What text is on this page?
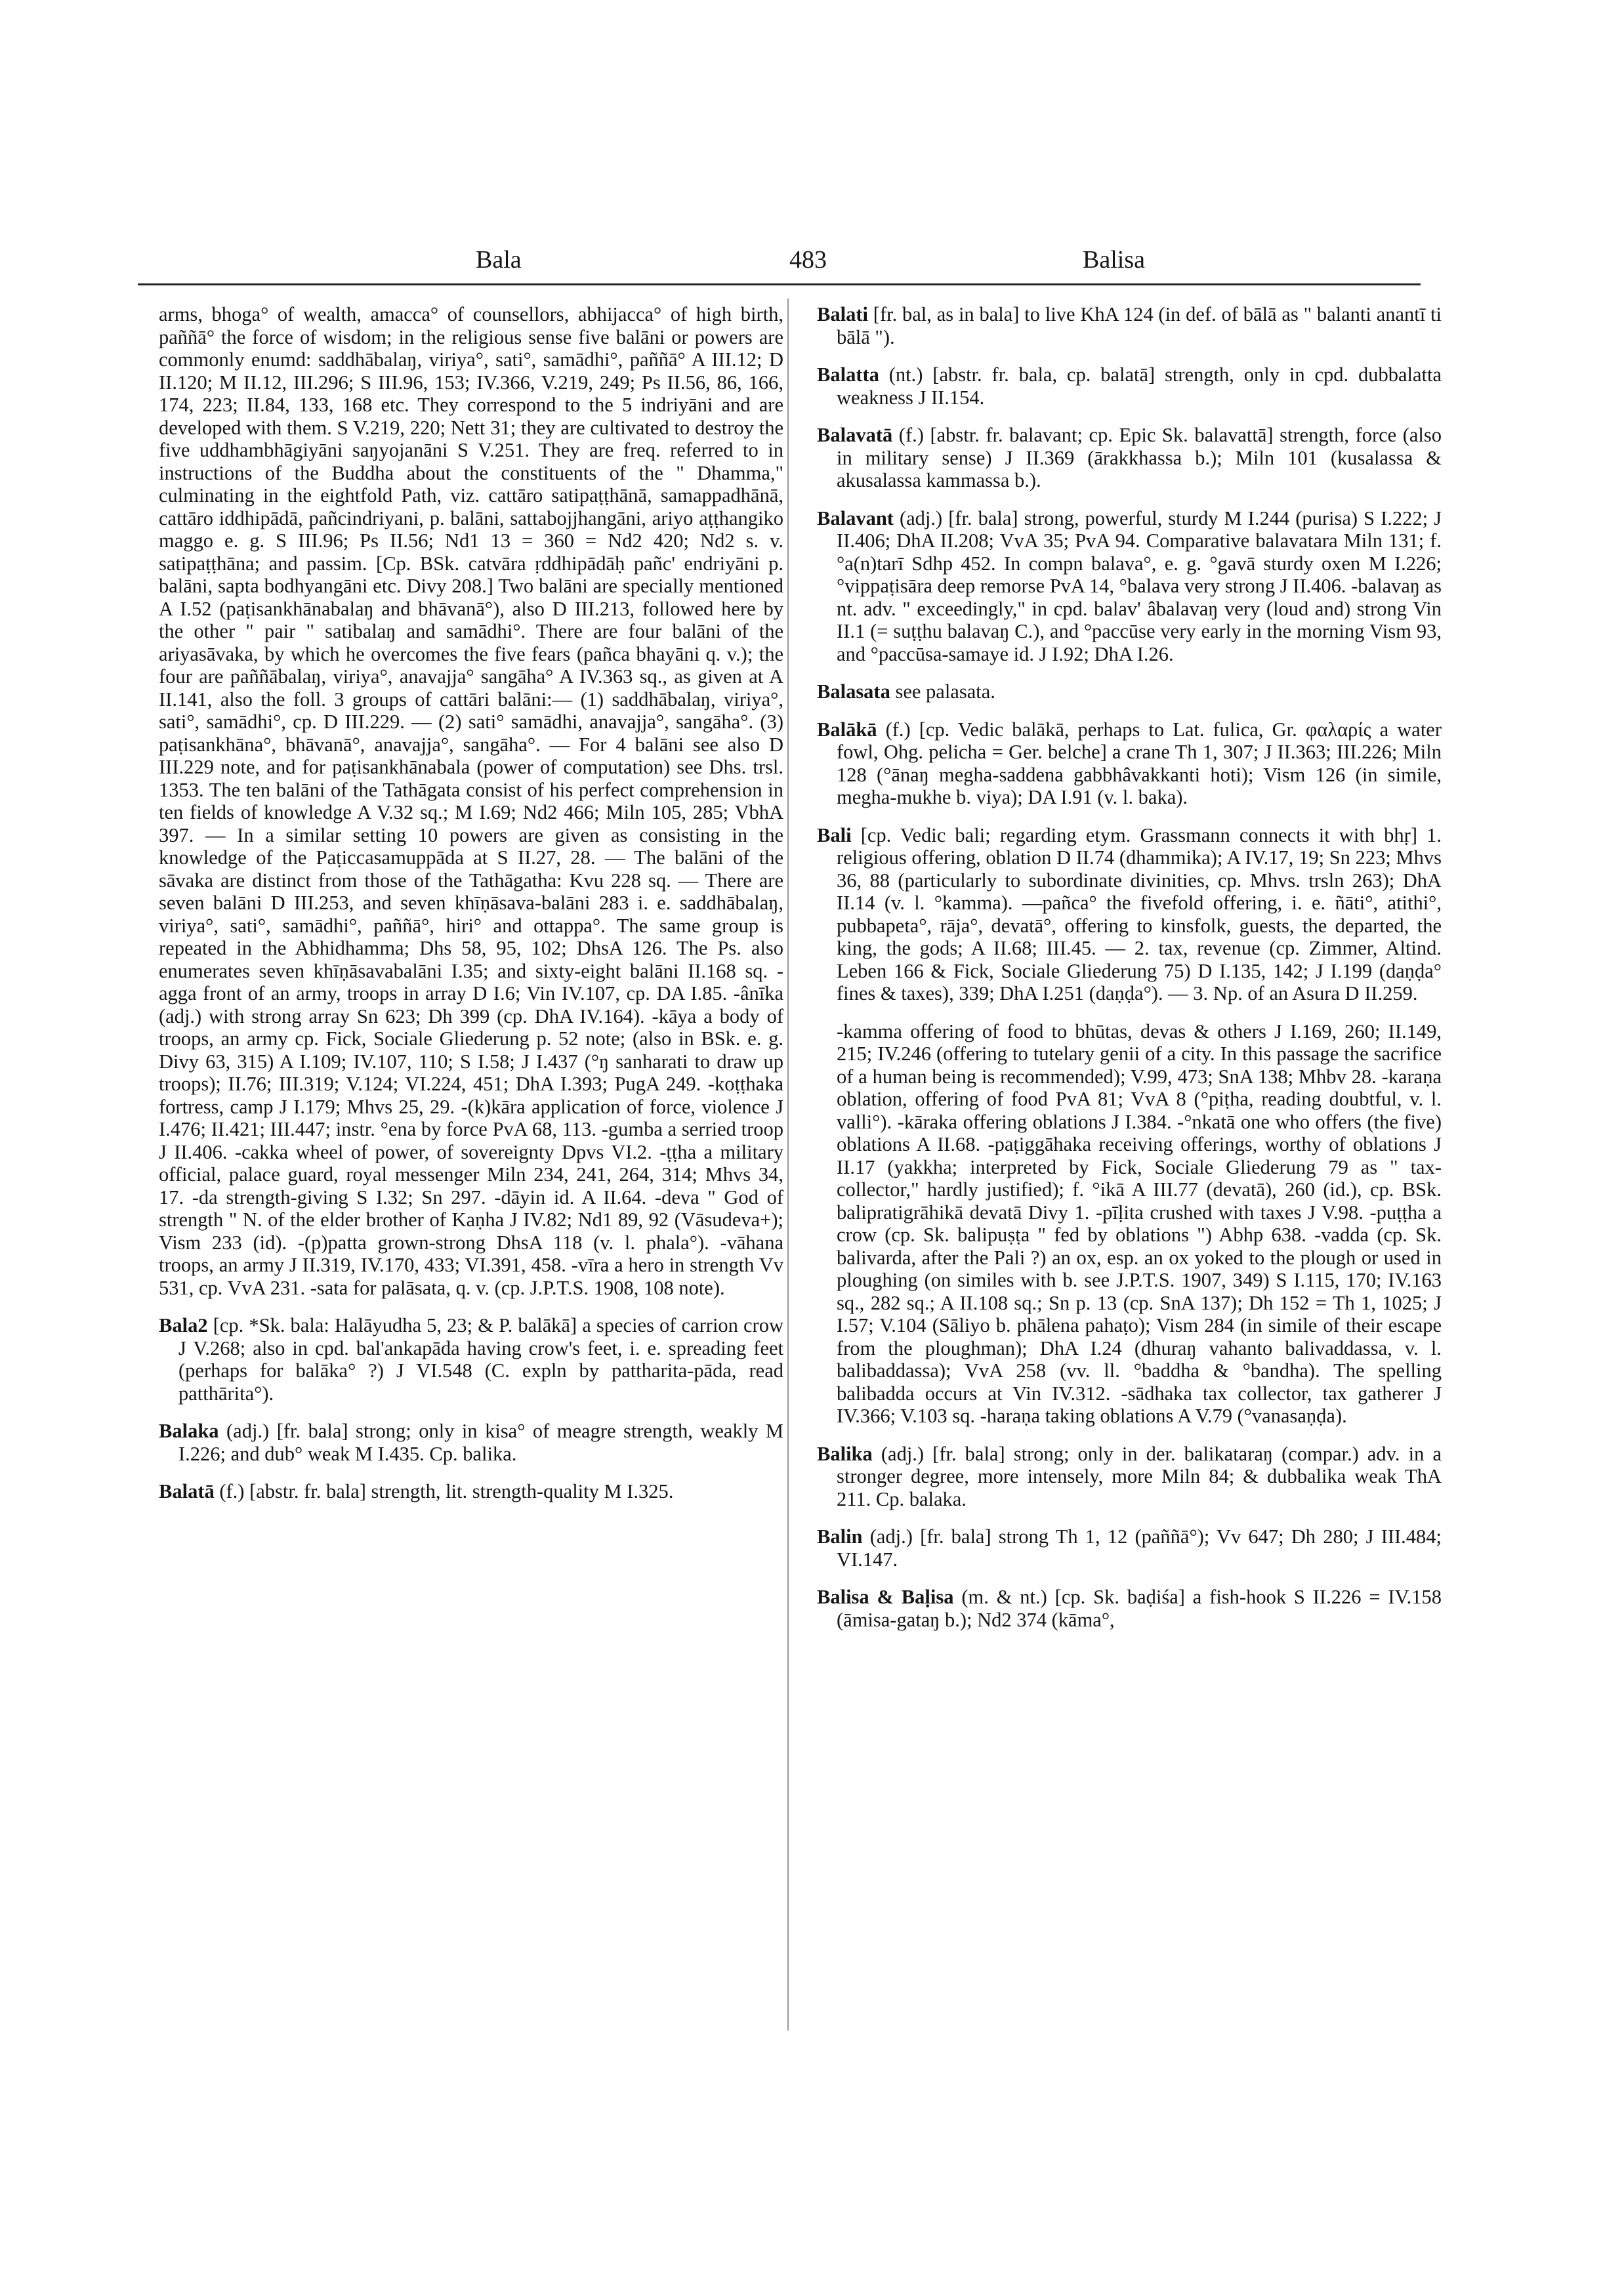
Bala	483	Balisa

arms, bhoga° of wealth, amacca° of counsellors, abhijacca° of high birth, paññā° the force of wisdom; in the religious sense five balāni or powers are commonly enumd: saddhābalaŋ, viriya°, sati°, samādhi°, paññā° A III.12; D II.120; M II.12, III.296; S III.96, 153; IV.366, V.219, 249; Ps II.56, 86, 166, 174, 223; II.84, 133, 168 etc. They correspond to the 5 indriyāni and are developed with them. S V.219, 220; Nett 31; they are cultivated to destroy the five uddhambhāgiyāni saŋyojanāni S V.251. They are freq. referred to in instructions of the Buddha about the constituents of the " Dhamma," culminating in the eightfold Path, viz. cattāro satipaṭṭhānā, samappadhānā, cattāro iddhipādā, pañcindriyani, p. balāni, sattabojjhangāni, ariyo aṭṭhangiko maggo e. g. S III.96; Ps II.56; Nd1 13 = 360 = Nd2 420; Nd2 s. v. satipaṭṭhāna; and passim. [Cp. BSk. catvāra ṛddhipādāḥ pañc' endriyāni p. balāni, sapta bodhyangāni etc. Divy 208.] Two balāni are specially mentioned A I.52 (paṭisankhānabalaŋ and bhāvanā°), also D III.213, followed here by the other " pair " satibalaŋ and samādhi°. There are four balāni of the ariyasāvaka, by which he overcomes the five fears (pañca bhayāni q. v.); the four are paññābalaŋ, viriya°, anavajja° sangāha° A IV.363 sq., as given at A II.141, also the foll. 3 groups of cattāri balāni:— (1) saddhābalaŋ, viriya°, sati°, samādhi°, cp. D III.229. — (2) sati° samādhi, anavajja°, sangāha°. (3) paṭisankhāna°, bhāvanā°, anavajja°, sangāha°. — For 4 balāni see also D III.229 note, and for paṭisankhānabala (power of computation) see Dhs. trsl. 1353. The ten balāni of the Tathāgata consist of his perfect comprehension in ten fields of knowledge A V.32 sq.; M I.69; Nd2 466; Miln 105, 285; VbhA 397. — In a similar setting 10 powers are given as consisting in the knowledge of the Paṭiccasamuppāda at S II.27, 28. — The balāni of the sāvaka are distinct from those of the Tathāgatha: Kvu 228 sq. — There are seven balāni D III.253, and seven khīṇāsava-balāni 283 i. e. saddhābalaŋ, viriya°, sati°, samādhi°, paññā°, hiri° and ottappa°. The same group is repeated in the Abhidhamma; Dhs 58, 95, 102; DhsA 126. The Ps. also enumerates seven khīṇāsavabalāni I.35; and sixty-eight balāni II.168 sq. -agga front of an army, troops in array D I.6; Vin IV.107, cp. DA I.85. -ânīka (adj.) with strong array Sn 623; Dh 399 (cp. DhA IV.164). -kāya a body of troops, an army cp. Fick, Sociale Gliederung p. 52 note; (also in BSk. e. g. Divy 63, 315) A I.109; IV.107, 110; S I.58; J I.437 (°ŋ sanharati to draw up troops); II.76; III.319; V.124; VI.224, 451; DhA I.393; PugA 249. -koṭṭhaka fortress, camp J I.179; Mhvs 25, 29. -(k)kāra application of force, violence J I.476; II.421; III.447; instr. °ena by force PvA 68, 113. -gumba a serried troop J II.406. -cakka wheel of power, of sovereignty Dpvs VI.2. -ṭṭha a military official, palace guard, royal messenger Miln 234, 241, 264, 314; Mhvs 34, 17. -da strength-giving S I.32; Sn 297. -dāyin id. A II.64. -deva " God of strength " N. of the elder brother of Kaṇha J IV.82; Nd1 89, 92 (Vāsudeva+); Vism 233 (id). -(p)patta grown-strong DhsA 118 (v. l. phala°). -vāhana troops, an army J II.319, IV.170, 433; VI.391, 458. -vīra a hero in strength Vv 531, cp. VvA 231. -sata for palāsata, q. v. (cp. J.P.T.S. 1908, 108 note).

Bala2 [cp. *Sk. bala: Halāyudha 5, 23; & P. balākā] a species of carrion crow J V.268; also in cpd. bal'ankapāda having crow's feet, i. e. spreading feet (perhaps for balāka° ?) J VI.548 (C. expln by pattharita-pāda, read patthārita°).

Balaka (adj.) [fr. bala] strong; only in kisa° of meagre strength, weakly M I.226; and dub° weak M I.435. Cp. balika.

Balatā (f.) [abstr. fr. bala] strength, lit. strength-quality M I.325.

Balati [fr. bal, as in bala] to live KhA 124 (in def. of bālā as " balanti anantī ti bālā ").

Balatta (nt.) [abstr. fr. bala, cp. balatā] strength, only in cpd. dubbalatta weakness J II.154.

Balavatā (f.) [abstr. fr. balavant; cp. Epic Sk. balavattā] strength, force (also in military sense) J II.369 (ārakkhassa b.); Miln 101 (kusalassa & akusalassa kammassa b.).

Balavant (adj.) [fr. bala] strong, powerful, sturdy M I.244 (purisa) S I.222; J II.406; DhA II.208; VvA 35; PvA 94. Comparative balavatara Miln 131; f. °a(n)tarī Sdhp 452. In compn balava°, e. g. °gavā sturdy oxen M I.226; °vippaṭisāra deep remorse PvA 14, °balava very strong J II.406. -balavaŋ as nt. adv. " exceedingly," in cpd. balav' âbalavaŋ very (loud and) strong Vin II.1 (= suṭṭhu balavaŋ C.), and °paccūse very early in the morning Vism 93, and °paccūsa-samaye id. J I.92; DhA I.26.

Balasata see palasata.

Balākā (f.) [cp. Vedic balākā, perhaps to Lat. fulica, Gr. φαλαρίς a water fowl, Ohg. pelicha = Ger. belche] a crane Th 1, 307; J II.363; III.226; Miln 128 (°ānaŋ megha-saddena gabbhâvakkanti hoti); Vism 126 (in simile, megha-mukhe b. viya); DA I.91 (v. l. baka).

Bali [cp. Vedic bali; regarding etym. Grassmann connects it with bhṛ] 1. religious offering, oblation D II.74 (dhammika); A IV.17, 19; Sn 223; Mhvs 36, 88 (particularly to subordinate divinities, cp. Mhvs. trsln 263); DhA II.14 (v. l. °kamma). —pañca° the fivefold offering, i. e. ñāti°, atithi°, pubbapeta°, rāja°, devatā°, offering to kinsfolk, guests, the departed, the king, the gods; A II.68; III.45. — 2. tax, revenue (cp. Zimmer, Altind. Leben 166 & Fick, Sociale Gliederung 75) D I.135, 142; J I.199 (daṇḍa° fines & taxes), 339; DhA I.251 (daṇḍa°). — 3. Np. of an Asura D II.259.

-kamma offering of food to bhūtas, devas & others J I.169, 260; II.149, 215; IV.246 (offering to tutelary genii of a city. In this passage the sacrifice of a human being is recommended); V.99, 473; SnA 138; Mhbv 28. -karaṇa oblation, offering of food PvA 81; VvA 8 (°piṭha, reading doubtful, v. l. valli°). -kāraka offering oblations J I.384. -°nkatā one who offers (the five) oblations A II.68. -paṭiggāhaka receiving offerings, worthy of oblations J II.17 (yakkha; interpreted by Fick, Sociale Gliederung 79 as " tax-collector," hardly justified); f. °ikā A III.77 (devatā), 260 (id.), cp. BSk. balipratigrāhikā devatā Divy 1. -pīḷita crushed with taxes J V.98. -puṭṭha a crow (cp. Sk. balipuṣṭa " fed by oblations ") Abhp 638. -vadda (cp. Sk. balivarda, after the Pali ?) an ox, esp. an ox yoked to the plough or used in ploughing (on similes with b. see J.P.T.S. 1907, 349) S I.115, 170; IV.163 sq., 282 sq.; A II.108 sq.; Sn p. 13 (cp. SnA 137); Dh 152 = Th 1, 1025; J I.57; V.104 (Sāliyo b. phālena pahaṭo); Vism 284 (in simile of their escape from the ploughman); DhA I.24 (dhuraŋ vahanto balivaddassa, v. l. balibaddassa); VvA 258 (vv. ll. °baddha & °bandha). The spelling balibadda occurs at Vin IV.312. -sādhaka tax collector, tax gatherer J IV.366; V.103 sq. -haraṇa taking oblations A V.79 (°vanasaṇḍa).

Balika (adj.) [fr. bala] strong; only in der. balikataraŋ (compar.) adv. in a stronger degree, more intensely, more Miln 84; & dubbalika weak ThA 211. Cp. balaka.

Balin (adj.) [fr. bala] strong Th 1, 12 (paññā°); Vv 647; Dh 280; J III.484; VI.147.

Balisa & Baḷisa (m. & nt.) [cp. Sk. baḍiśa] a fish-hook S II.226 = IV.158 (āmisa-gataŋ b.); Nd2 374 (kāma°,
